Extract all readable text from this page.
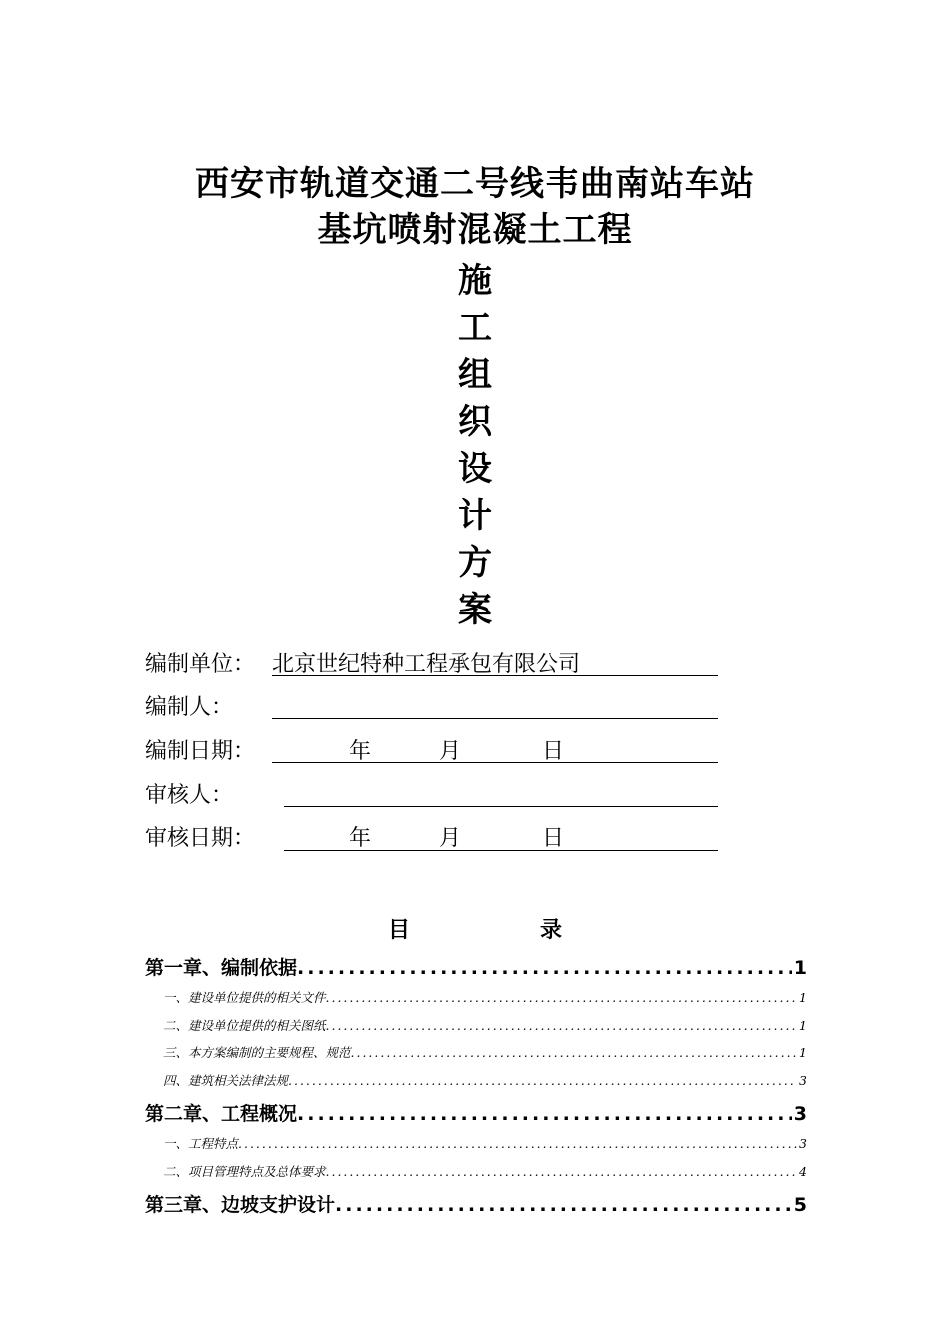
西安市轨道交通二号线韦曲南站车站
基坑喷射混凝土工程
施
工
组
织
设
计
方
案
编制单位： 北京世纪特种工程承包有限公司
编制人：
编制日期：	年	月	日
审核人：
审核日期：	年	月	日
目	录
第一章、编制依据 .....	1
一、建设单位提供的相关文件 .....	1
二、建设单位提供的相关图纸 .....	1
三、本方案编制的主要规程、规范 .....	1
四、建筑相关法律法规 .....	3
第二章、工程概况 .....	3
一、工程特点 .....	3
二、项目管理特点及总体要求 .....	4
第三章、边坡支护设计 .....	5
